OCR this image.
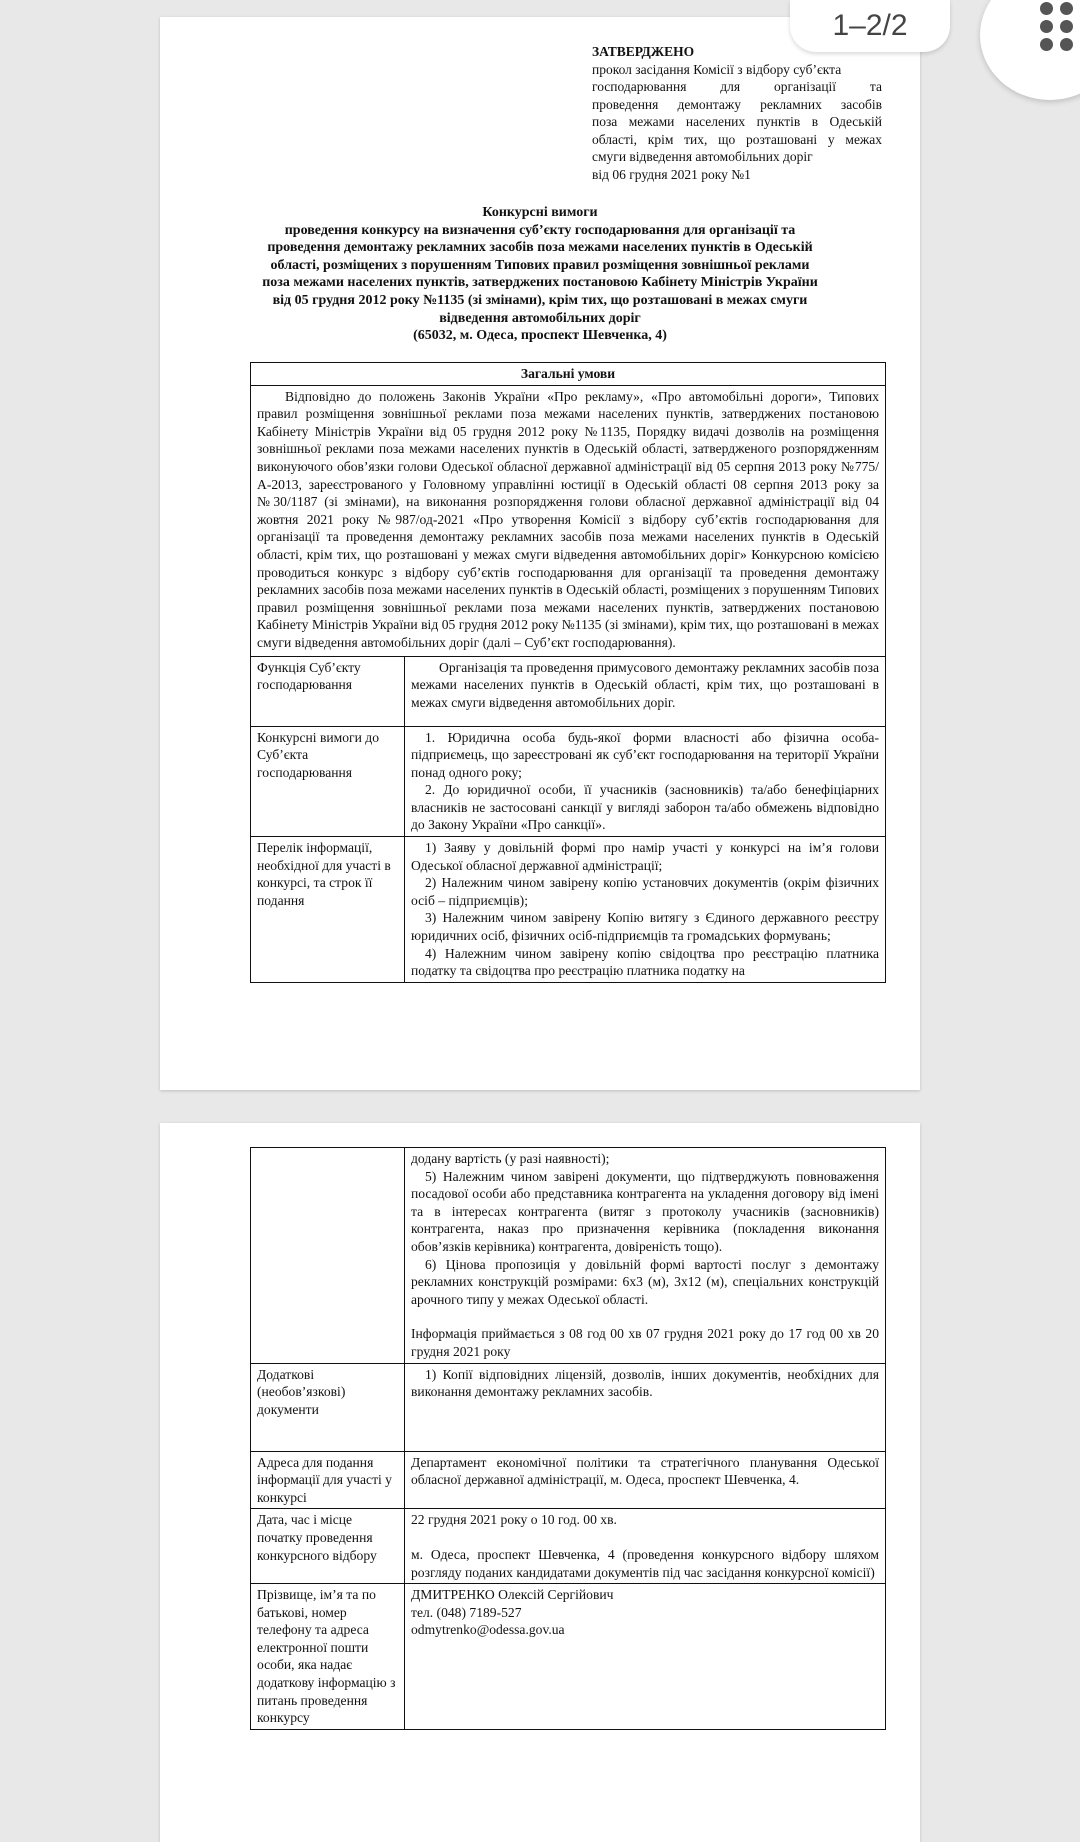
ЗАТВЕРДЖЕНО
прокол засідання Комісії з відбору суб’єкта
господарювання для організації та
проведення демонтажу рекламних засобів
поза межами населених пунктів в Одеській
області, крім тих, що розташовані у межах
смуги відведення автомобільних доріг
від 06 грудня 2021 року №1
Конкурсні вимоги
проведення конкурсу на визначення суб’єкту господарювання для організації та
проведення демонтажу рекламних засобів поза межами населених пунктів в Одеській
області, розміщених з порушенням Типових правил розміщення зовнішньої реклами
поза межами населених пунктів, затверджених постановою Кабінету Міністрів України
від 05 грудня 2012 року №1135 (зі змінами), крім тих, що розташовані в межах смуги
відведення автомобільних доріг
(65032, м. Одеса, проспект Шевченка, 4)
Загальні умови	
Відповідно до положень Законів України «Про рекламу», «Про автомобільні дороги», Типових правил розміщення зовнішньої реклами поза межами населених пунктів, затверджених постановою Кабінету Міністрів України від 05 грудня 2012 року №1135, Порядку видачі дозволів на розміщення зовнішньої реклами поза межами населених пунктів в Одеській області, затвердженого розпорядженням виконуючого обов’язки голови Одеської обласної державної адміністрації від 05 серпня 2013 року №775/А-2013, зареєстрованого у Головному управлінні юстиції в Одеській області 08 серпня 2013 року за №30/1187 (зі змінами), на виконання розпорядження голови обласної державної адміністрації від 04 жовтня 2021 року №987/од-2021 «Про утворення Комісії з відбору суб’єктів господарювання для організації та проведення демонтажу рекламних засобів поза межами населених пунктів в Одеській області, крім тих, що розташовані у межах смуги відведення автомобільних доріг» Конкурсною комісією проводиться конкурс з відбору суб’єктів господарювання для організації та проведення демонтажу рекламних засобів поза межами населених пунктів в Одеській області, розміщених з порушенням Типових правил розміщення зовнішньої реклами поза межами населених пунктів, затверджених постановою Кабінету Міністрів України від 05 грудня 2012 року №1135 (зі змінами), крім тих, що розташовані в межах смуги відведення автомобільних доріг (далі – Суб’єкт господарювання).	
Функція Суб’єкту господарювання	Організація та проведення примусового демонтажу рекламних засобів поза межами населених пунктів в Одеській області, крім тих, що розташовані в межах смуги відведення автомобільних доріг.
Конкурсні вимоги до Суб’єкта господарювання	1. Юридична особа будь-якої форми власності або фізична особа-підприємець, що зареєстровані як суб’єкт господарювання на території України понад одного року;
2. До юридичної особи, її учасників (засновників) та/або бенефіціарних власників не застосовані санкції у вигляді заборон та/або обмежень відповідно до Закону України «Про санкції».

Перелік інформації, необхідної для участі в конкурсі, та строк її подання	1) Заяву у довільній формі про намір участі у конкурсі на ім’я голови Одеської обласної державної адміністрації;
2) Належним чином завірену копію установчих документів (окрім фізичних осіб – підприємців);
3) Належним чином завірену Копію витягу з Єдиного державного реєстру юридичних осіб, фізичних осіб-підприємців та громадських формувань;
4) Належним чином завірену копію свідоцтва про реєстрацію платника податку та свідоцтва про реєстрацію платника податку на

	додану вартість (у разі наявності);
5) Належним чином завірені документи, що підтверджують повноваження посадової особи або представника контрагента на укладення договору від імені та в інтересах контрагента (витяг з протоколу учасників (засновників) контрагента, наказ про призначення керівника (покладення виконання обов’язків керівника) контрагента, довіреність тощо).
6) Цінова пропозиція у довільній формі вартості послуг з демонтажу рекламних конструкцій розмірами: 6х3 (м), 3х12 (м), спеціальних конструкцій арочного типу у межах Одеської області.
Інформація приймається з 08 год 00 хв 07 грудня 2021 року до 17 год 00 хв 20 грудня 2021 року

Додаткові (необов’язкові) документи	1) Копії відповідних ліцензій, дозволів, інших документів, необхідних для виконання демонтажу рекламних засобів.
Адреса для подання інформації для участі у конкурсі	Департамент економічної політики та стратегічного планування Одеської обласної державної адміністрації, м. Одеса, проспект Шевченка, 4.
Дата, час і місце початку проведення конкурсного відбору	22 грудня 2021 року о 10 год. 00 хв.
м. Одеса, проспект Шевченка, 4 (проведення конкурсного відбору шляхом розгляду поданих кандидатами документів під час засідання конкурсної комісії)

Прізвище, ім’я та по батькові, номер телефону та адреса електронної пошти особи, яка надає додаткову інформацію з питань проведення конкурсу	ДМИТРЕНКО Олексій Сергійович
тел. (048) 7189-527
odmytrenko@odessa.gov.ua
1–2/2
